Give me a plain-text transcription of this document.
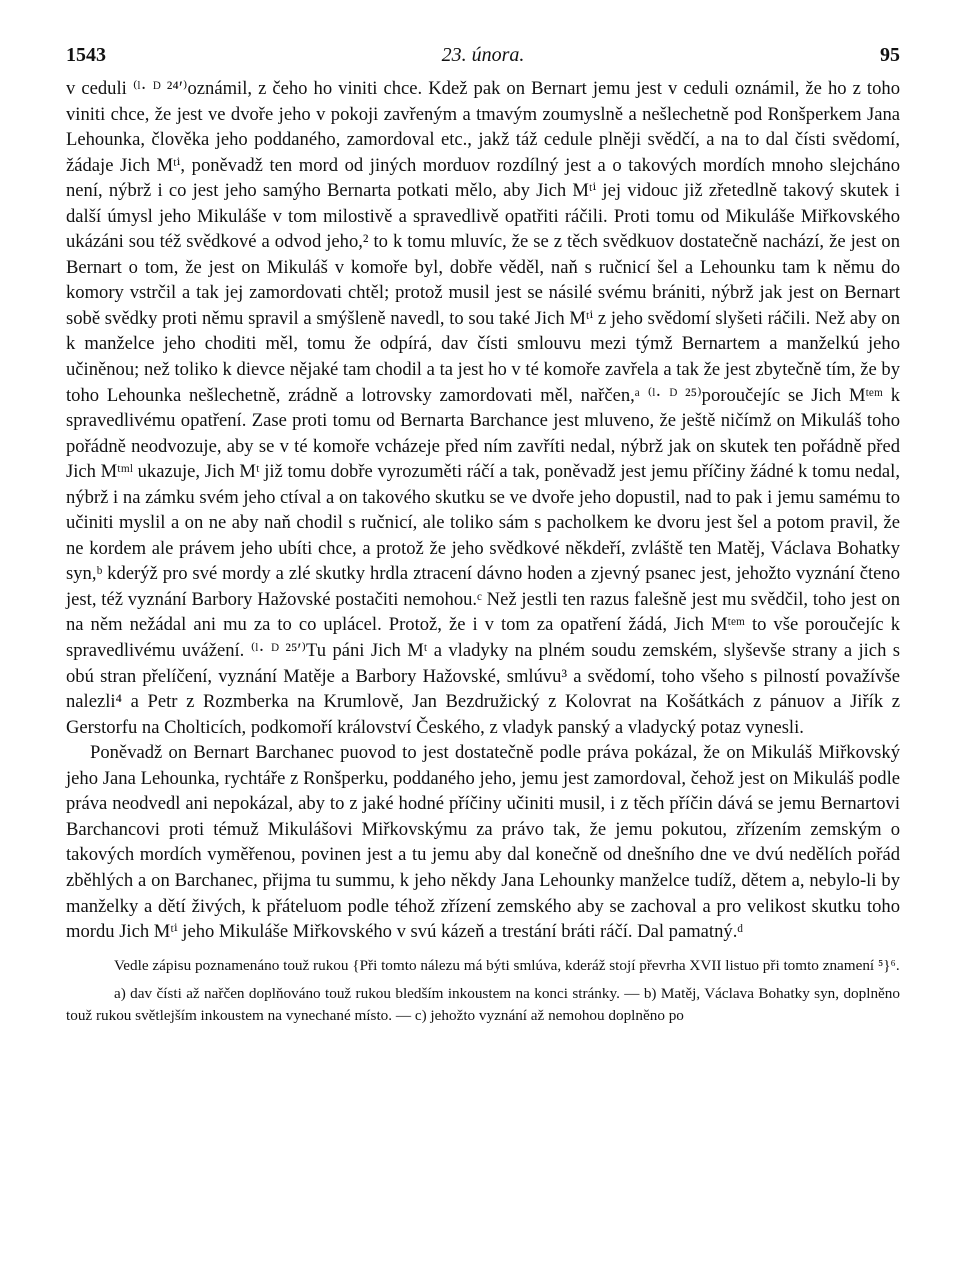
1543	23. února.	95

v ceduli ⁽ˡ· ᴰ ²⁴ʹ⁾oznámil, z čeho ho viniti chce. Kdež pak on Bernart jemu jest v ceduli oznámil, že ho z toho viniti chce, že jest ve dvoře jeho v pokoji zavřeným a tmavým zoumyslně a nešlechetně pod Ronšperkem Jana Lehounka, člověka jeho poddaného, zamordoval etc., jakž táž cedule plněji svědčí, a na to dal čísti svědomí, žádaje Jich Mᵗⁱ, poněvadž ten mord od jiných morduov rozdílný jest a o takových mordích mnoho slejcháno není, nýbrž i co jest jeho samýho Bernarta potkati mělo, aby Jich Mᵗⁱ jej vidouc již zřetedlně takový skutek i další úmysl jeho Mikuláše v tom milostivě a spravedlivě opatřiti ráčili. Proti tomu od Mikuláše Miřkovského ukázáni sou též svědkové a odvod jeho,² to k tomu mluvíc, že se z těch svědkuov dostatečně nachází, že jest on Bernart o tom, že jest on Mikuláš v komoře byl, dobře věděl, naň s ručnicí šel a Lehounku tam k němu do komory vstrčil a tak jej zamordovati chtěl; protož musil jest se násilé svému brániti, nýbrž jak jest on Bernart sobě svědky proti němu spravil a smýšleně navedl, to sou také Jich Mᵗⁱ z jeho svědomí slyšeti ráčili. Než aby on k manželce jeho choditi měl, tomu že odpírá, dav čísti smlouvu mezi týmž Bernartem a manželkú jeho učiněnou; než toliko k dievce nějaké tam chodil a ta jest ho v té komoře zavřela a tak že jest zbytečně tím, že by toho Lehounka nešlechetně, zrádně a lotrovsky zamordovati měl, nařčen,ᵃ ⁽ˡ· ᴰ ²⁵⁾poroučejíc se Jich Mᵗᵉᵐ k spravedlivému opatření. Zase proti tomu od Bernarta Barchance jest mluveno, že ještě ničímž on Mikuláš toho pořádně neodvozuje, aby se v té komoře vcházeje před ním zavříti nedal, nýbrž jak on skutek ten pořádně před Jich Mᵗᵐˡ ukazuje, Jich Mᵗ již tomu dobře vyrozuměti ráčí a tak, poněvadž jest jemu příčiny žádné k tomu nedal, nýbrž i na zámku svém jeho ctíval a on takového skutku se ve dvoře jeho dopustil, nad to pak i jemu samému to učiniti myslil a on ne aby naň chodil s ručnicí, ale toliko sám s pacholkem ke dvoru jest šel a potom pravil, že ne kordem ale právem jeho ubíti chce, a protož že jeho svědkové někdeří, zvláště ten Matěj, Václava Bohatky syn,ᵇ kderýž pro své mordy a zlé skutky hrdla ztracení dávno hoden a zjevný psanec jest, jehožto vyznání čteno jest, též vyznání Barbory Hažovské postačiti nemohou.ᶜ Než jestli ten razus falešně jest mu svědčil, toho jest on na něm nežádal ani mu za to co uplácel. Protož, že i v tom za opatření žádá, Jich Mᵗᵉᵐ to vše poroučejíc k spravedlivému uvážení. ⁽ˡ· ᴰ ²⁵ʹ⁾Tu páni Jich Mᵗ a vladyky na plném soudu zemském, slyševše strany a jich s obú stran přelíčení, vyznání Matěje a Barbory Hažovské, smlúvu³ a svědomí, toho všeho s pilností považívše nalezli⁴ a Petr z Rozmberka na Krumlově, Jan Bezdružický z Kolovrat na Košátkách z pánuov a Jiřík z Gerstorfu na Cholticích, podkomoří království Českého, z vladyk panský a vladycký potaz vynesli.

Poněvadž on Bernart Barchanec puovod to jest dostatečně podle práva pokázal, že on Mikuláš Miřkovský jeho Jana Lehounka, rychtáře z Ronšperku, poddaného jeho, jemu jest zamordoval, čehož jest on Mikuláš podle práva neodvedl ani nepokázal, aby to z jaké hodné příčiny učiniti musil, i z těch příčin dává se jemu Bernartovi Barchancovi proti témuž Mikulášovi Miřkovskýmu za právo tak, že jemu pokutou, zřízením zemským o takových mordích vyměřenou, povinen jest a tu jemu aby dal konečně od dnešního dne ve dvú nedělích pořád zběhlých a on Barchanec, přijma tu summu, k jeho někdy Jana Lehounky manželce tudíž, dětem a, nebylo-li by manželky a dětí živých, k přáteluom podle téhož zřízení zemského aby se zachoval a pro velikost skutku toho mordu Jich Mᵗⁱ jeho Mikuláše Miřkovského v svú kázeň a trestání bráti ráčí. Dal pamatný.ᵈ

Vedle zápisu poznamenáno touž rukou {Při tomto nálezu má býti smlúva, kderáž stojí převrha XVII listuo při tomto znamení ⁵}⁶.

a) dav čísti až nařčen doplňováno touž rukou bledším inkoustem na konci stránky. — b) Matěj, Václava Bohatky syn, doplněno touž rukou světlejším inkoustem na vynechané místo. — c) jehožto vyznání až nemohou doplněno po
